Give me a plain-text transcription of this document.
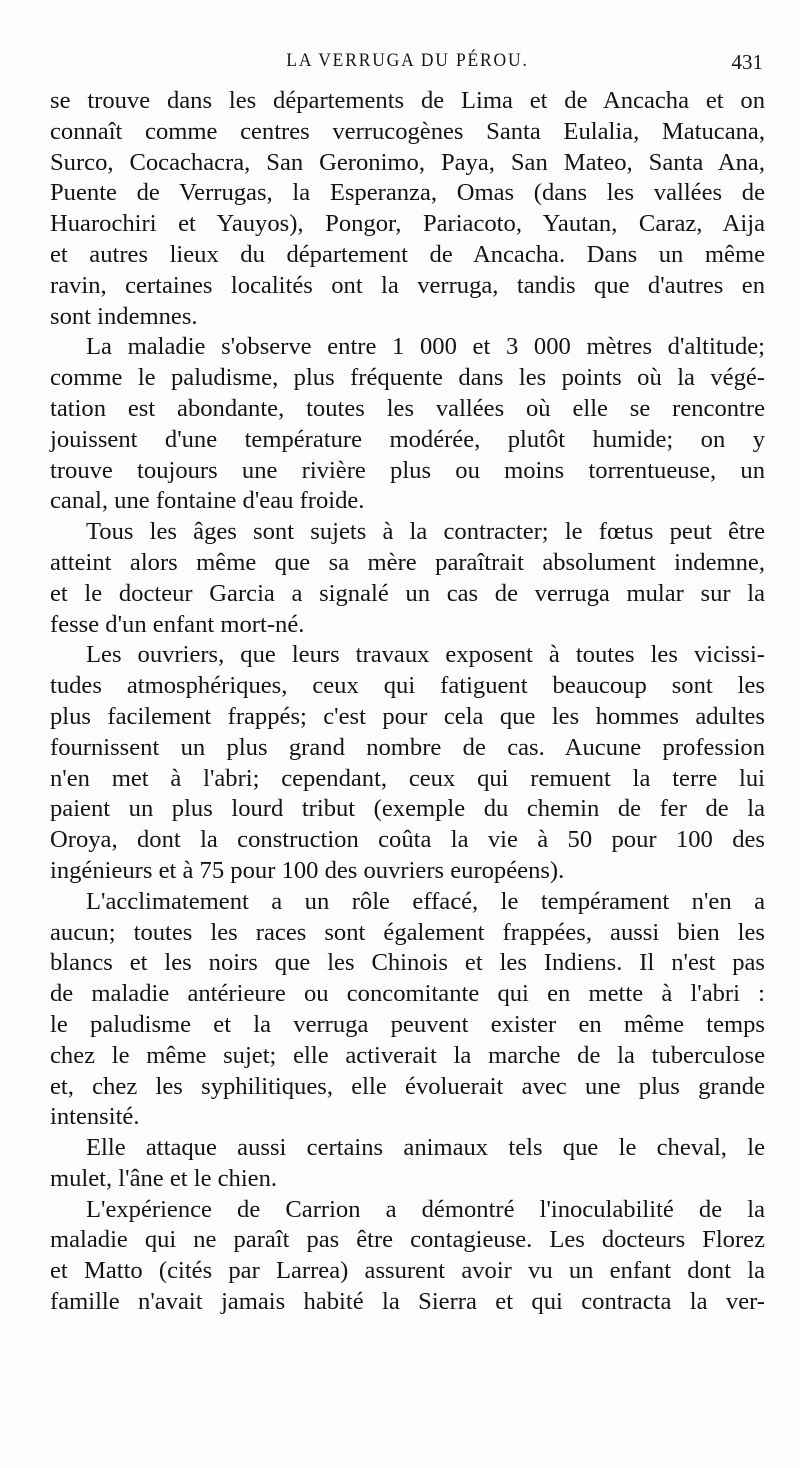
LA VERRUGA DU PÉROU.	431

se trouve dans les départements de Lima et de Ancacha et on
connaît comme centres verrucogènes Santa Eulalia, Matucana,
Surco, Cocachacra, San Geronimo, Paya, San Mateo, Santa Ana,
Puente de Verrugas, la Esperanza, Omas (dans les vallées de
Huarochiri et Yauyos), Pongor, Pariacoto, Yautan, Caraz, Aija
et autres lieux du département de Ancacha. Dans un même
ravin, certaines localités ont la verruga, tandis que d'autres en
sont indemnes.

La maladie s'observe entre 1 000 et 3 000 mètres d'altitude;
comme le paludisme, plus fréquente dans les points où la végé-
tation est abondante, toutes les vallées où elle se rencontre
jouissent d'une température modérée, plutôt humide; on y
trouve toujours une rivière plus ou moins torrentueuse, un
canal, une fontaine d'eau froide.

Tous les âges sont sujets à la contracter; le fœtus peut être
atteint alors même que sa mère paraîtrait absolument indemne,
et le docteur Garcia a signalé un cas de verruga mular sur la
fesse d'un enfant mort-né.

Les ouvriers, que leurs travaux exposent à toutes les vicissi-
tudes atmosphériques, ceux qui fatiguent beaucoup sont les
plus facilement frappés; c'est pour cela que les hommes adultes
fournissent un plus grand nombre de cas. Aucune profession
n'en met à l'abri; cependant, ceux qui remuent la terre lui
paient un plus lourd tribut (exemple du chemin de fer de la
Oroya, dont la construction coûta la vie à 50 pour 100 des
ingénieurs et à 75 pour 100 des ouvriers européens).

L'acclimatement a un rôle effacé, le tempérament n'en a
aucun; toutes les races sont également frappées, aussi bien les
blancs et les noirs que les Chinois et les Indiens. Il n'est pas
de maladie antérieure ou concomitante qui en mette à l'abri :
le paludisme et la verruga peuvent exister en même temps
chez le même sujet; elle activerait la marche de la tuberculose
et, chez les syphilitiques, elle évoluerait avec une plus grande
intensité.

Elle attaque aussi certains animaux tels que le cheval, le
mulet, l'âne et le chien.

L'expérience de Carrion a démontré l'inoculabilité de la
maladie qui ne paraît pas être contagieuse. Les docteurs Florez
et Matto (cités par Larrea) assurent avoir vu un enfant dont la
famille n'avait jamais habité la Sierra et qui contracta la ver-
